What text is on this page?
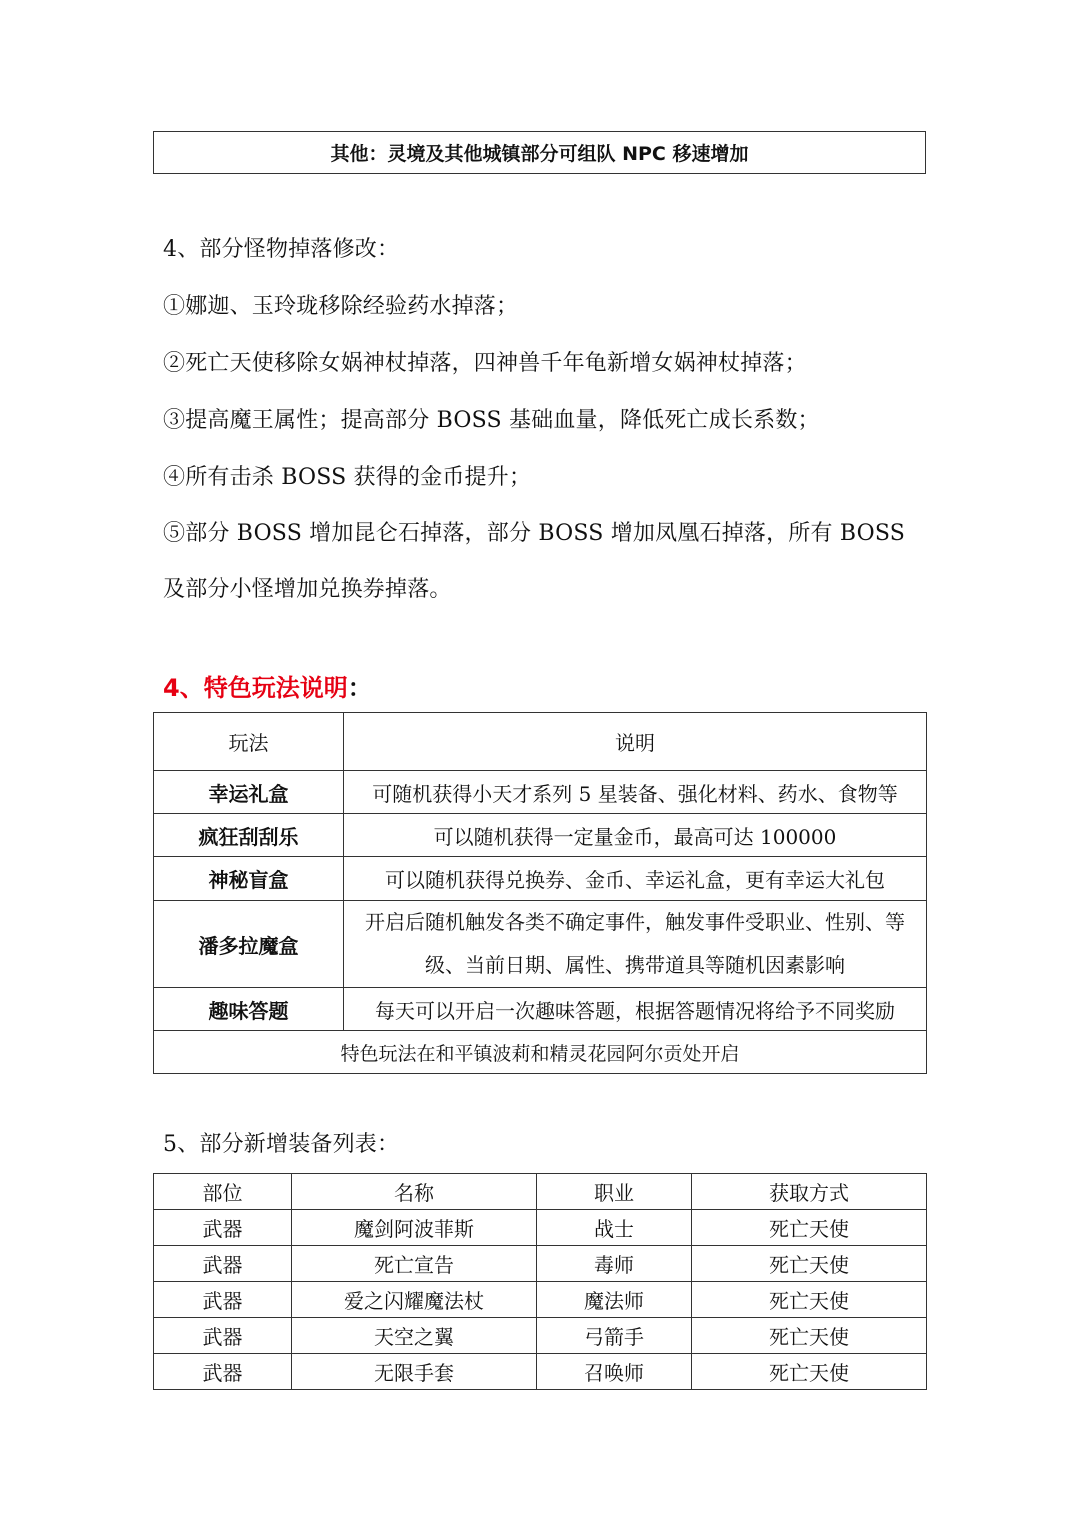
其他：灵境及其他城镇部分可组队 NPC 移速增加
4、部分怪物掉落修改：
①娜迦、玉玲珑移除经验药水掉落；
②死亡天使移除女娲神杖掉落，四神兽千年龟新增女娲神杖掉落；
③提高魔王属性；提高部分 BOSS 基础血量，降低死亡成长系数；
④所有击杀 BOSS 获得的金币提升；
⑤部分 BOSS 增加昆仑石掉落，部分 BOSS 增加凤凰石掉落，所有 BOSS
及部分小怪增加兑换券掉落。
4、特色玩法说明：
玩法	说明
幸运礼盒	可随机获得小天才系列 5 星装备、强化材料、药水、食物等
疯狂刮刮乐	可以随机获得一定量金币，最高可达 100000
神秘盲盒	可以随机获得兑换券、金币、幸运礼盒，更有幸运大礼包
潘多拉魔盒	开启后随机触发各类不确定事件，触发事件受职业、性别、等级、当前日期、属性、携带道具等随机因素影响
趣味答题	每天可以开启一次趣味答题，根据答题情况将给予不同奖励
特色玩法在和平镇波莉和精灵花园阿尔贡处开启	
5、部分新增装备列表：
部位	名称	职业	获取方式
武器	魔剑阿波菲斯	战士	死亡天使
武器	死亡宣告	毒师	死亡天使
武器	爱之闪耀魔法杖	魔法师	死亡天使
武器	天空之翼	弓箭手	死亡天使
武器	无限手套	召唤师	死亡天使
